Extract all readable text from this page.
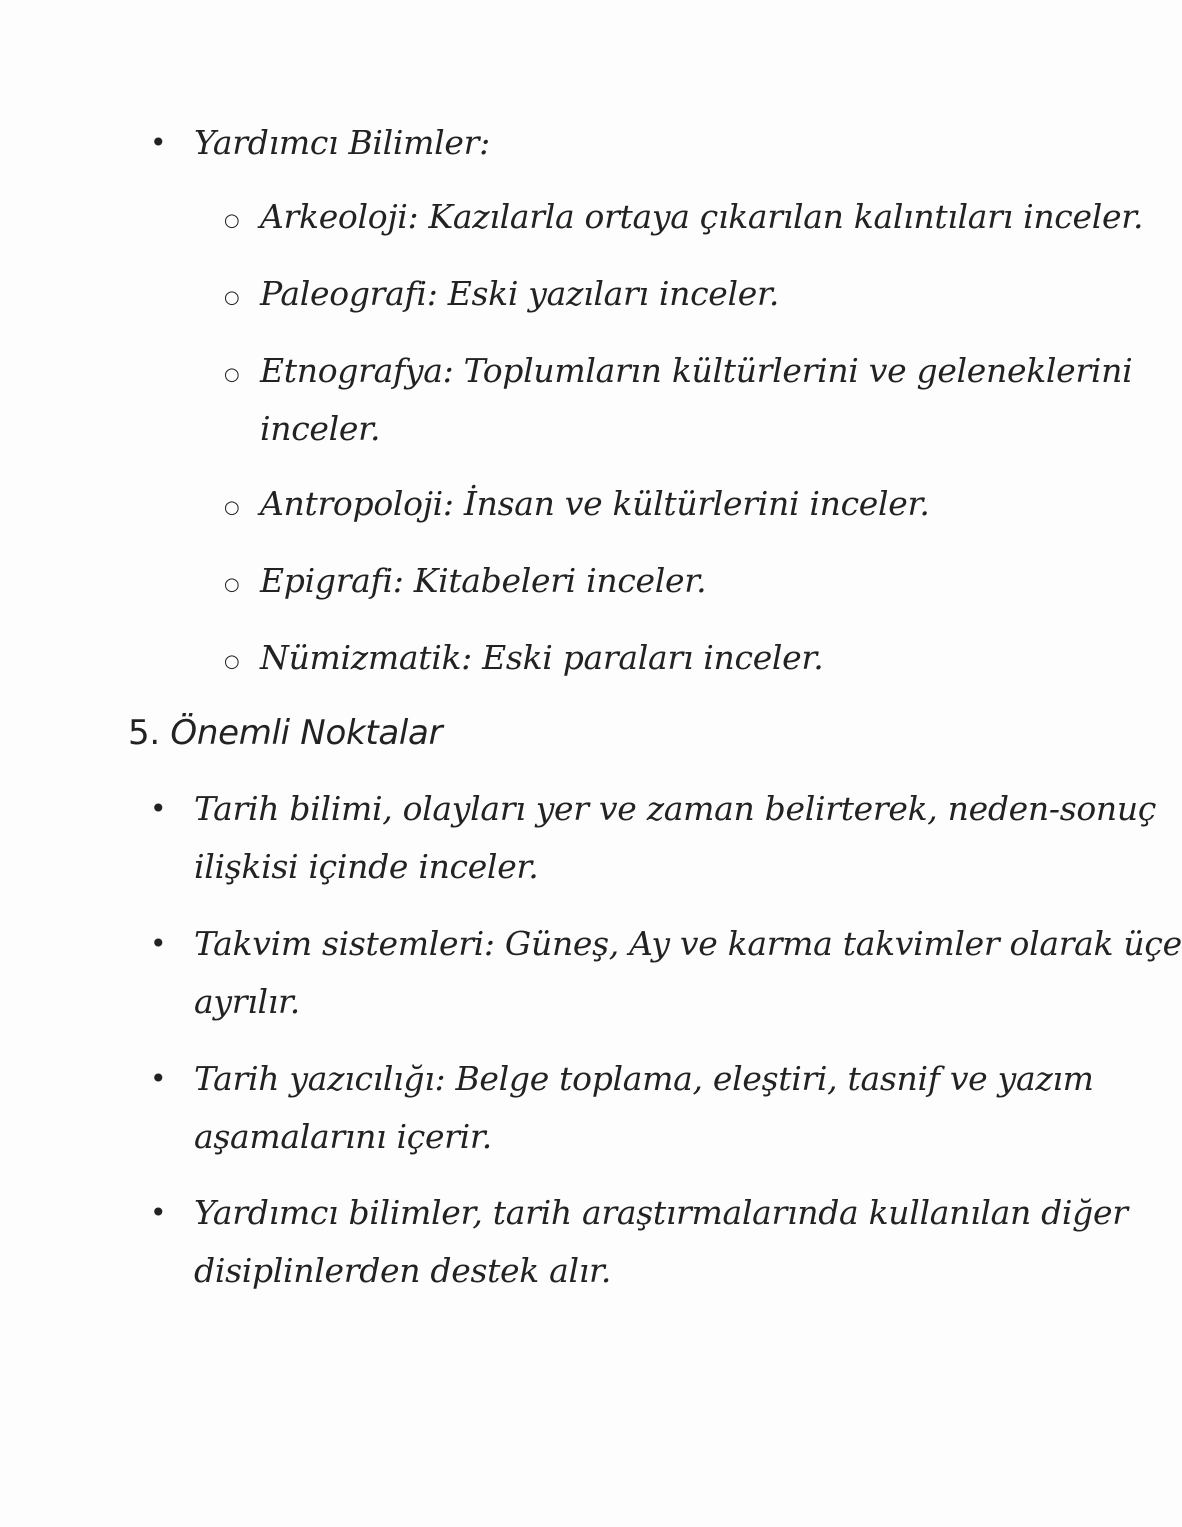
• Yardımcı Bilimler:
○ Arkeoloji: Kazılarla ortaya çıkarılan kalıntıları inceler.
○ Paleografi: Eski yazıları inceler.
○ Etnografya: Toplumların kültürlerini ve geleneklerini
inceler.
○ Antropoloji: İnsan ve kültürlerini inceler.
○ Epigrafi: Kitabeleri inceler.
○ Nümizmatik: Eski paraları inceler.
5. Önemli Noktalar
• Tarih bilimi, olayları yer ve zaman belirterek, neden-sonuç
ilişkisi içinde inceler.
• Takvim sistemleri: Güneş, Ay ve karma takvimler olarak üçe
ayrılır.
• Tarih yazıcılığı: Belge toplama, eleştiri, tasnif ve yazım
aşamalarını içerir.
• Yardımcı bilimler, tarih araştırmalarında kullanılan diğer
disiplinlerden destek alır.
